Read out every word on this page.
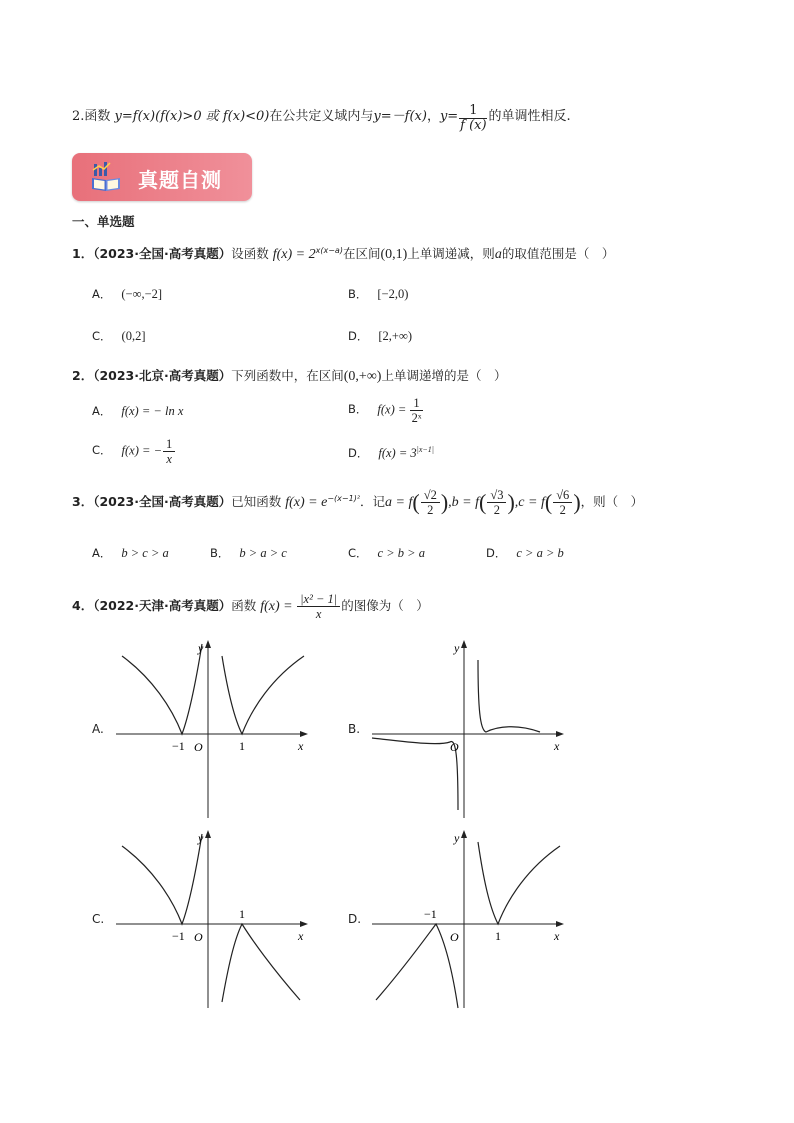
2.函数 y=f(x)(f(x)>0 或 f(x)<0)在公共定义域内与y=－f(x)，$y= \frac{1}{f (x)}$ 的单调性相反.
真题自测
一、单选题
1．（2023·全国·高考真题）设函数 $f(x) = 2^{x(x-a)}$在区间(0,1)上单调递减，则a的取值范围是（　）
A． (−∞,−2]	B． [−2,0)
C． (0,2]	D． [2,+∞)
2．（2023·北京·高考真题）下列函数中，在区间(0,+∞)上单调递增的是（　）
A． f(x) = − ln x	B． $f(x) = \frac{1}{\text{2ˣ}}$
C． f(x) = − $\frac{1}{x}$	D． $f(x) = 3^{|x-1|}$
3．（2023·全国·高考真题）已知函数 $f(x) = e^{-(x-1)^2}$．记$a = f( \frac{√2}{2} ),b = f( \frac{√3}{2} ),c = f( \frac{√6}{2}$ )，则（　）
A． b > c > a	B． b > a > c	C． c > b > a	D． c > a > b
4．（2022·天津·高考真题）函数 $f(x) = \frac{\text{|x² − 1|}}{x}$ 的图像为（　）
A.
y
x
O
−1	1
B.
y
x
O
C.
y
x
O
−1
1	D.
y
x
O
−1
1
